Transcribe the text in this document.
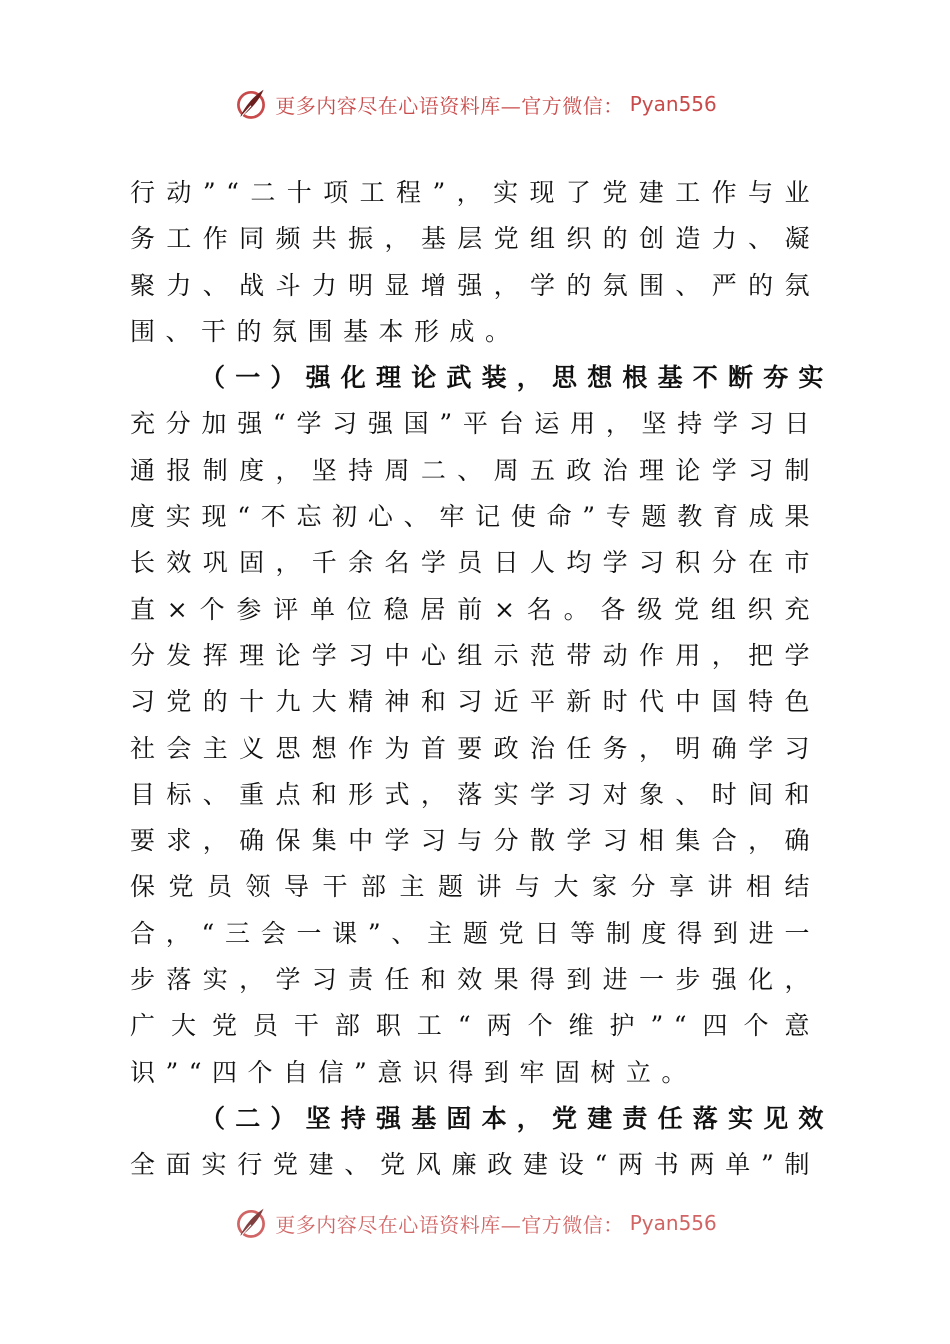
更多内容尽在心语资料库—官方微信： Pyan556

行动”“二十项工程”，实现了党建工作与业务工作同频共振，基层党组织的创造力、凝聚力、战斗力明显增强，学的氛围、严的氛围、干的氛围基本形成。

（一）强化理论武装，思想根基不断夯实

充分加强“学习强国”平台运用，坚持学习日通报制度，坚持周二、周五政治理论学习制度实现“不忘初心、牢记使命”专题教育成果长效巩固，千余名学员日人均学习积分在市直×个参评单位稳居前×名。各级党组织充分发挥理论学习中心组示范带动作用，把学习党的十九大精神和习近平新时代中国特色社会主义思想作为首要政治任务，明确学习目标、重点和形式，落实学习对象、时间和要求，确保集中学习与分散学习相集合，确保党员领导干部主题讲与大家分享讲相结合，“三会一课”、主题党日等制度得到进一步落实，学习责任和效果得到进一步强化，广大党员干部职工“两个维护”“四个意识”“四个自信”意识得到牢固树立。

（二）坚持强基固本，党建责任落实见效

全面实行党建、党风廉政建设“两书两单”制

更多内容尽在心语资料库—官方微信： Pyan556
